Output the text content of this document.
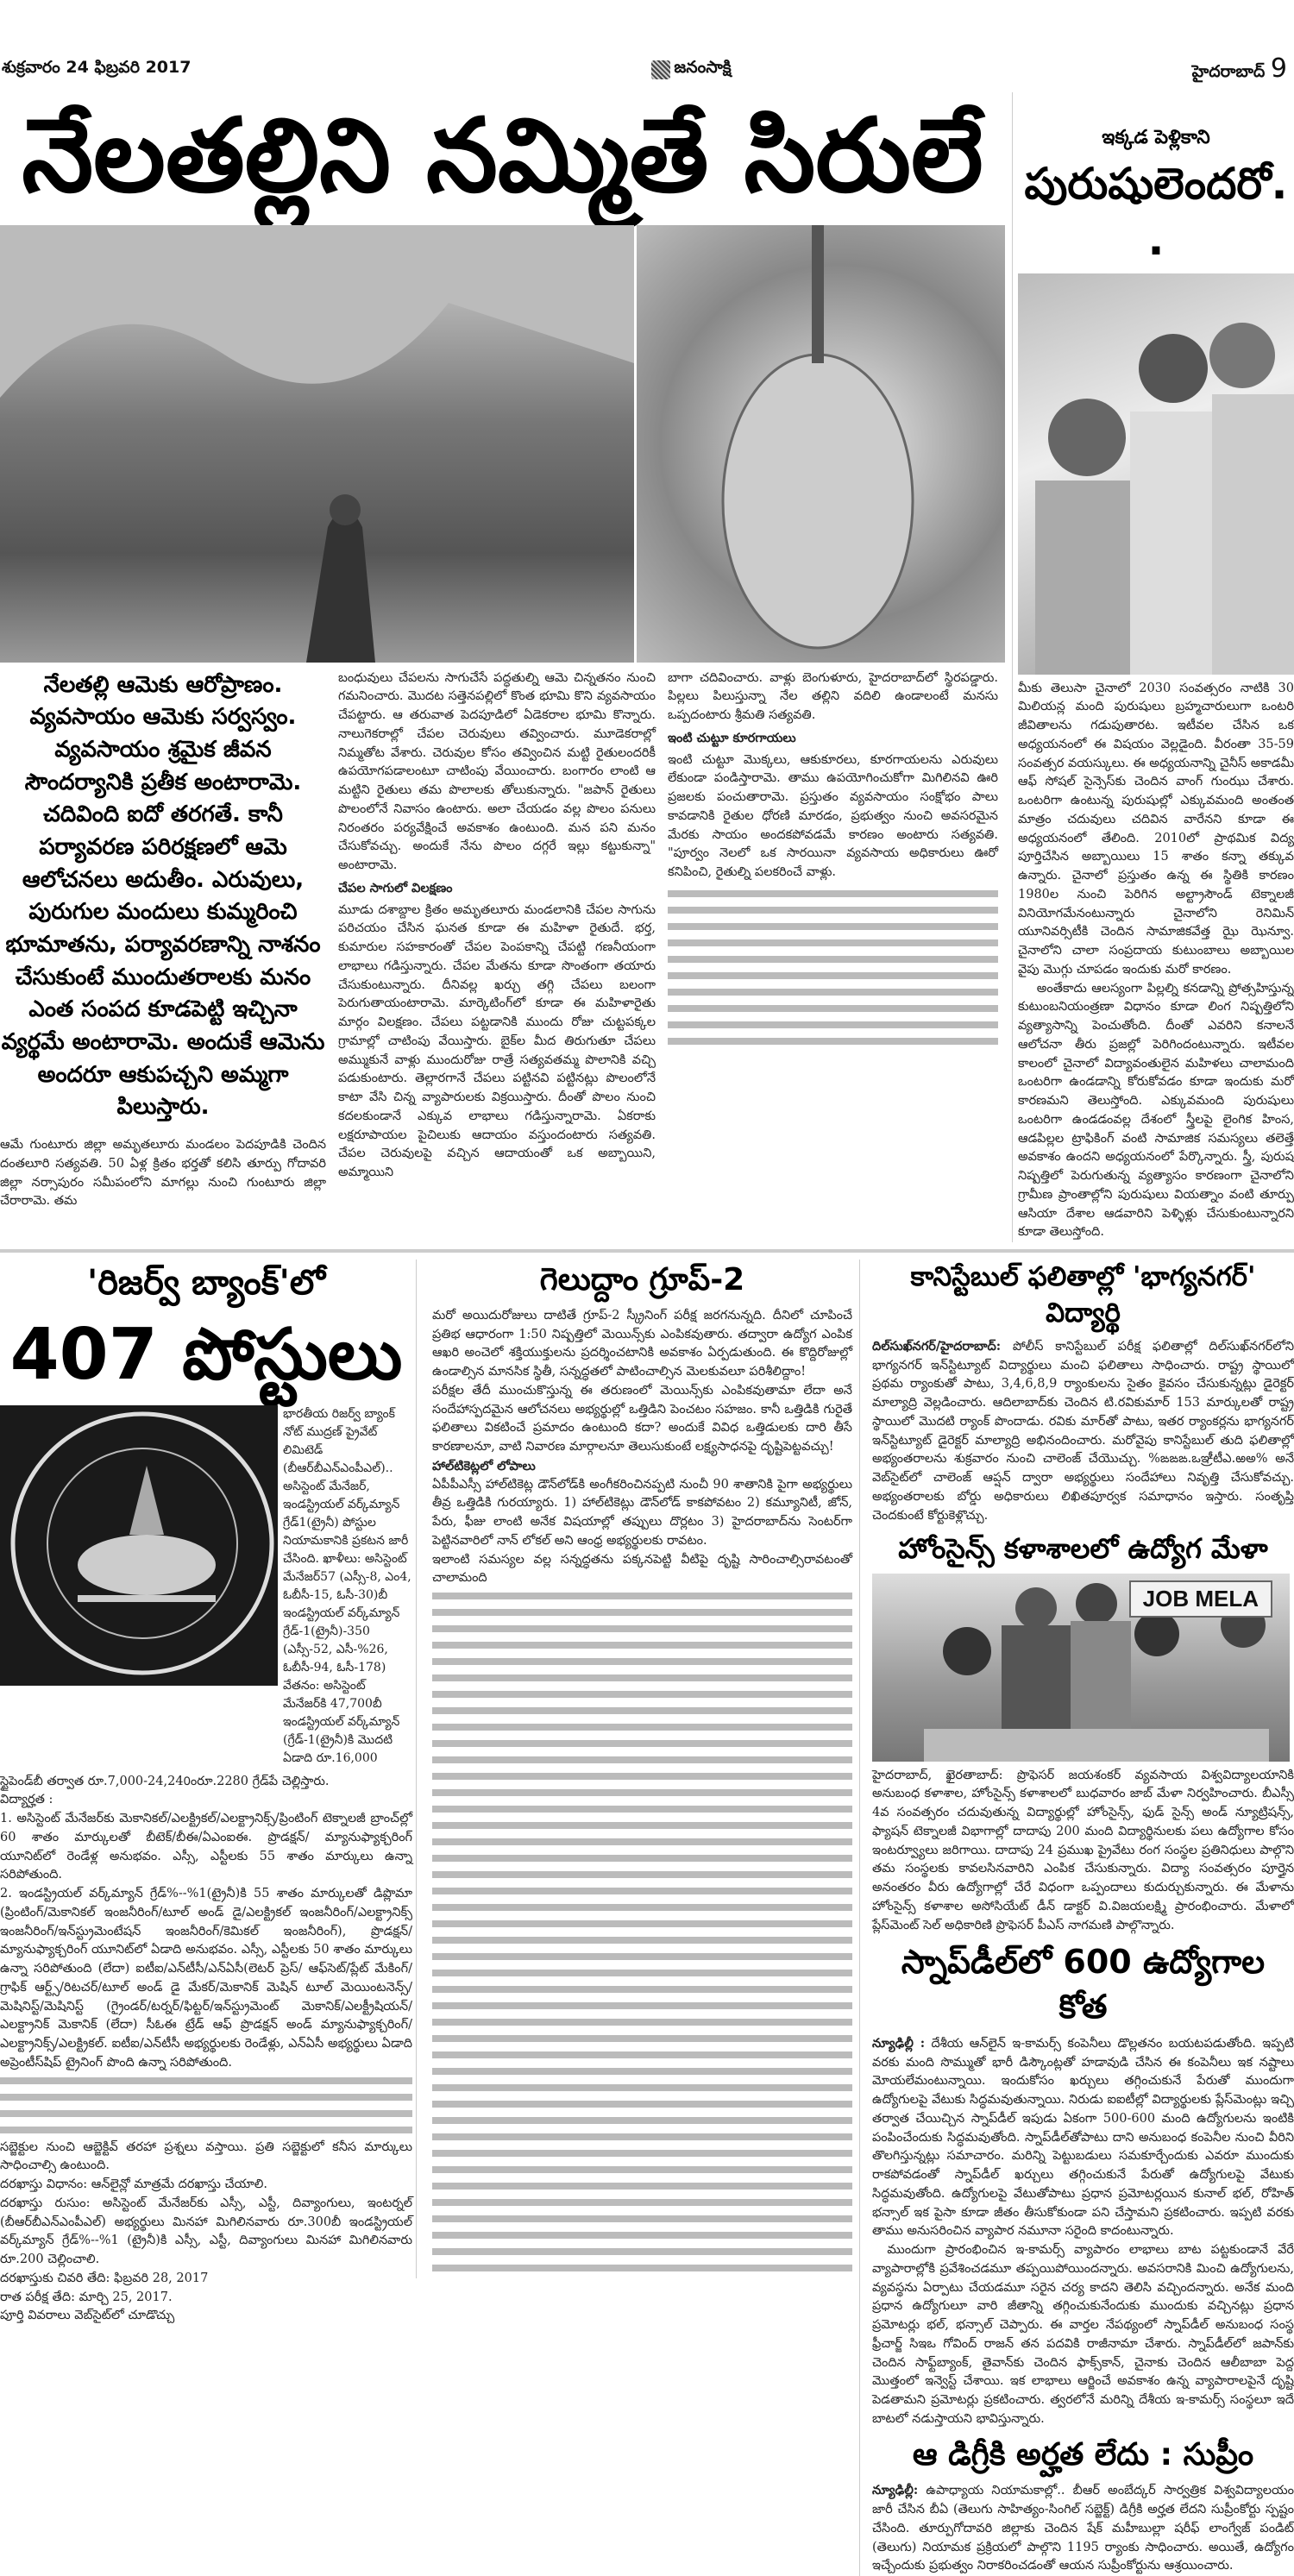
శుక్రవారం 24 ఫిబ్రవరి 2017	జనంసాక్షి	హైదరాబాద్ 9
నేలతల్లిని నమ్మితే సిరులే
నేలతల్లి ఆమెకు ఆరోప్రాణం. వ్యవసాయం ఆమెకు సర్వస్వం. వ్యవసాయం శ్రమైక జీవన సౌందర్యానికి ప్రతీక అంటారామె. చదివింది ఐదో తరగతే. కానీ పర్యావరణ పరిరక్షణలో ఆమె ఆలోచనలు అదుతీం. ఎరువులు, పురుగుల మందులు కుమ్మరించి భూమాతను, పర్యావరణాన్ని నాశనం చేసుకుంటే ముందుతరాలకు మనం ఎంత సంపద కూడపెట్టి ఇచ్చినా వ్యర్థమే అంటారామె. అందుకే ఆమెను అందరూ ఆకుపచ్చని అమ్మగా పిలుస్తారు.
ఆమే గుంటూరు జిల్లా అమృతలూరు మండలం పెదపూడికి చెందిన దంతలూరి సత్యవతి. 50 ఏళ్ల క్రితం భర్తతో కలిసి తూర్పు గోదావరి జిల్లా నర్సాపురం సమీపంలోని మాగల్లు నుంచి గుంటూరు జిల్లా చేరారామె. తమ

బంధువులు చేపలను సాగుచేసే పద్ధతుల్ని ఆమె చిన్నతనం నుంచి గమనించారు. మొదట సత్తెనపల్లిలో కొంత భూమి కొని వ్యవసాయం చేపట్టారు. ఆ తరువాత పెదపూడిలో ఏడెకరాల భూమి కొన్నారు. నాలుగెకరాల్లో చేపల చెరువులు తవ్వించారు. మూడెకరాల్లో నిమ్మతోట వేశారు. చెరువుల కోసం తవ్వించిన మట్టి రైతులందరికీ ఉపయోగపడాలంటూ చాటింపు వేయించారు. బంగారం లాంటి ఆ మట్టిని రైతులు తమ పొలాలకు తోలుకున్నారు. "జపాన్ రైతులు పొలంలోనే నివాసం ఉంటారు. అలా చేయడం వల్ల పొలం పనులు నిరంతరం పర్యవేక్షించే అవకాశం ఉంటుంది. మన పని మనం చేసుకోవచ్చు. అందుకే నేను పొలం దగ్గరే ఇల్లు కట్టుకున్నా" అంటారామె.

చేపల సాగులో విలక్షణం

మూడు దశాబ్దాల క్రితం అమృతలూరు మండలానికి చేపల సాగును పరిచయం చేసిన ఘనత కూడా ఈ మహిళా రైతుదే. భర్త, కుమారుల సహకారంతో చేపల పెంపకాన్ని చేపట్టి గణనీయంగా లాభాలు గడిస్తున్నారు. చేపల మేతను కూడా సొంతంగా తయారు చేసుకుంటున్నారు. దీనివల్ల ఖర్చు తగ్గి చేపలు బలంగా పెరుగుతాయంటారామె. మార్కెటింగ్‌లో కూడా ఈ మహిళారైతు మార్గం విలక్షణం. చేపలు పట్టడానికి ముందు రోజు చుట్టపక్కల గ్రామాల్లో చాటింపు వేయిస్తారు. బైక్‌ల మీద తిరుగుతూ చేపలు అమ్ముకునే వాళ్లు ముందురోజు రాత్రే సత్యవతమ్మ పొలానికి వచ్చి పడుకుంటారు. తెల్లారగానే చేపలు పట్టినవి పట్టినట్లు పొలంలోనే కాటా వేసి చిన్న వ్యాపారులకు విక్రయిస్తారు. దీంతో పొలం నుంచి కదలకుండానే ఎక్కువ లాభాలు గడిస్తున్నారామె. ఏకరాకు లక్షరూపాయల పైచిలుకు ఆదాయం వస్తుందంటారు సత్యవతి. చేపల చెరువులపై వచ్చిన ఆదాయంతో ఒక అబ్బాయిని, అమ్మాయిని

బాగా చదివించారు. వాళ్లు బెంగుళూరు, హైదరాబాద్‌లో స్థిరపడ్డారు. పిల్లలు పిలుస్తున్నా నేల తల్లిని వదిలి ఉండాలంటే మనసు ఒప్పదంటారు శ్రీమతి సత్యవతి.

ఇంటి చుట్టూ కూరగాయలు

ఇంటి చుట్టూ మొక్కలు, ఆకుకూరలు, కూరగాయలను ఎరువులు లేకుండా పండిస్తారామె. తాము ఉపయోగించుకోగా మిగిలినవి ఊరి ప్రజలకు పంచుతారామె. ప్రస్తుతం వ్యవసాయం సంక్షోభం పాలు కావడానికి రైతుల ధోరణి మారడం, ప్రభుత్వం నుంచి అవసరమైన మేరకు సాయం అందకపోవడమే కారణం అంటారు సత్యవతి. "పూర్వం నెలలో ఒక సారయినా వ్యవసాయ అధికారులు ఊరో కనిపించి, రైతుల్ని పలకరించే వాళ్లు.

ఇక్కడ పెళ్లికాని
పురుషులెందరో..

మీకు తెలుసా చైనాలో 2030 సంవత్సరం నాటికి 30 మిలియన్ల మంది పురుషులు బ్రహ్మచారులుగా ఒంటరి జీవితాలను గడుపుతారట. ఇటీవల చేసిన ఒక అధ్యయనంలో ఈ విషయం వెల్లడైంది. వీరంతా 35-59 సంవత్సర వయస్కులు. ఈ అధ్యయనాన్ని చైనీస్ అకాడమీ ఆఫ్ సోషల్ సైన్సెస్‌కు చెందిన వాంగ్ గుంఝు చేశారు. ఒంటరిగా ఉంటున్న పురుషుల్లో ఎక్కువమంది అంతంత మాత్రం చదువులు చదివిన వారేనని కూడా ఈ అధ్యయనంలో తేలింది. 2010లో ప్రాథమిక విద్య పూర్తిచేసిన అబ్బాయిలు 15 శాతం కన్నా తక్కువ ఉన్నారు. చైనాలో ప్రస్తుతం ఉన్న ఈ స్థితికి కారణం 1980ల నుంచి పెరిగిన అల్ట్రాసౌండ్ టెక్నాలజీ వినియోగమేనంటున్నారు చైనాలోని రెనిమిన్ యూనివర్సిటీకి చెందిన సామాజికవేత్త ఝై ఝెన్వూ. చైనాలోని చాలా సంప్రదాయ కుటుంబాలు అబ్బాయిల వైపు మొగ్గు చూపడం ఇందుకు మరో కారణం.

అంతేకాదు ఆలస్యంగా పిల్లల్ని కనడాన్ని ప్రోత్సహిస్తున్న కుటుంబనియంత్రణా విధానం కూడా లింగ నిష్పత్తిలోని వ్యత్యాసాన్ని పెంచుతోంది. దీంతో ఎవరిని కనాలనే ఆలోచనా తీరు ప్రజల్లో పెరిగిందంటున్నారు. ఇటీవల కాలంలో చైనాలో విద్యావంతులైన మహిళలు చాలామంది ఒంటరిగా ఉండడాన్ని కోరుకోవడం కూడా ఇందుకు మరో కారణమని తెలుస్తోంది. ఎక్కువమంది పురుషులు ఒంటరిగా ఉండడంవల్ల దేశంలో స్త్రీలపై లైంగిక హింస, ఆడపిల్లల ట్రాఫికింగ్ వంటి సామాజిక సమస్యలు తలెత్తే అవకాశం ఉందని అధ్యయనంలో పేర్కొన్నారు. స్త్రీ, పురుష నిష్పత్తిలో పెరుగుతున్న వ్యత్యాసం కారణంగా చైనాలోని గ్రామీణ ప్రాంతాల్లోని పురుషులు వియత్నాం వంటి తూర్పు ఆసియా దేశాల ఆడవారిని పెళ్ళిళ్లు చేసుకుంటున్నారని కూడా తెలుస్తోంది.

'రిజర్వ్ బ్యాంక్'లో
407 పోస్టులు
భారతీయ రిజర్వ్ బ్యాంక్ నోట్ ముద్రణ్ ప్రైవేట్ లిమిటెడ్ (బీఆర్‌బీఎన్‌ఎంపీఎల్).. అసిస్టెంట్ మేనేజర్, ఇండస్ట్రియల్ వర్క్‌మ్యాన్ గ్రేడ్1(ట్రైనీ) పోస్టుల నియామకానికి ప్రకటన జారీ చేసింది. ఖాళీలు: అసిస్టెంట్ మేనేజర్57 (ఎస్సీ-8, ఎం4, ఓబీసీ-15, ఓసీ-30)బీ ఇండస్ట్రియల్ వర్క్‌మ్యాన్ గ్రేడ్-1(ట్రైనీ)-350 (ఎస్సీ-52, ఎసీ-%26, ఓబీసీ-94, ఓసీ-178) వేతనం: అసిస్టెంట్ మేనేజర్‌కి 47,700బీ ఇండస్ట్రియల్ వర్క్‌మ్యాన్ (గ్రేడ్-1(ట్రైనీ)కి మొదటి ఏడాది రూ.16,000

స్టైపెండ్‌బీ తర్వాత రూ.7,000-24,240ంరూ.2280 గ్రేడ్‌పే చెల్లిస్తారు.

విద్యార్హత :

1. అసిస్టెంట్ మేనేజర్‌కు మెకానికల్/ఎలక్ట్రికల్/ఎలక్ట్రానిక్స్/ప్రింటింగ్ టెక్నాలజీ బ్రాంచ్‌ల్లో 60 శాతం మార్కులతో బీటెక్/బీఈ/ఏఎంఐఈ. ప్రొడక్షన్/ మ్యానుఫ్యాక్చరింగ్ యూనిట్‌లో రెండేళ్ల అనుభవం. ఎస్సీ, ఎస్టీలకు 55 శాతం మార్కులు ఉన్నా సరిపోతుంది.

2. ఇండస్ట్రియల్ వర్క్‌మ్యాన్ గ్రేడ్%--%1(ట్రైనీ)కి 55 శాతం మార్కులతో డిప్లొమా (ప్రింటింగ్/మెకానికల్ ఇంజనీరింగ్/టూల్ అండ్ డై/ఎలక్ట్రికల్ ఇంజనీరింగ్/ఎలక్ట్రానిక్స్ ఇంజనీరింగ్/ఇన్‌స్ట్రుమెంటేషన్ ఇంజనీరింగ్/కెమికల్ ఇంజనీరింగ్), ప్రొడక్షన్/మ్యానుఫ్యాక్చరింగ్ యూనిట్‌లో ఏడాది అనుభవం. ఎస్సీ, ఎస్టీలకు 50 శాతం మార్కులు ఉన్నా సరిపోతుంది (లేదా) ఐటీఐ/ఎన్‌టీసీ/ఎన్‌ఏసీ(లెటర్ ప్రెస్/ ఆఫ్‌సెట్/ప్లేట్ మేకింగ్/గ్రాఫిక్ ఆర్ట్స్/రిటచర్/టూల్ అండ్ డై మేకర్/మెకానిక్ మెషిన్ టూల్ మెయింటనెన్స్/మెషినిస్ట్/మెషినిస్ట్ (గ్రైండర్/టర్నర్/ఫిట్టర్/ఇన్‌స్ట్రుమెంట్ మెకానిక్/ఎలక్ట్రీషియన్/ఎలక్ట్రానిక్ మెకానిక్ (లేదా) సీఓఈ ట్రేడ్ ఆఫ్ ప్రొడక్షన్ అండ్ మ్యానుఫ్యాక్చరింగ్/ఎలక్ట్రానిక్స్/ఎలక్ట్రికల్. ఐటీఐ/ఎన్‌టీసీ అభ్యర్థులకు రెండేళ్లు, ఎన్‌ఏసీ అభ్యర్థులు ఏడాది అప్రెంటీస్‌షిప్ ట్రైనింగ్ పొంది ఉన్నా సరిపోతుంది.

సబ్జెక్టుల నుంచి ఆబ్జెక్టివ్ తరహా ప్రశ్నలు వస్తాయి. ప్రతి సబ్జెక్టులో కనీస మార్కులు సాధించాల్సి ఉంటుంది.

దరఖాస్తు విధానం: ఆన్‌లైన్లో మాత్రమే దరఖాస్తు చేయాలి.

దరఖాస్తు రుసుం: అసిస్టెంట్ మేనేజర్‌కు ఎస్సీ, ఎస్టీ, దివ్యాంగులు, ఇంటర్నల్ (బీఆర్‌బీఎన్‌ఎంపీఎల్) అభ్యర్థులు మినహా మిగిలినవారు రూ.300బీ ఇండస్ట్రియల్ వర్క్‌మ్యాన్ గ్రేడ్%--%1 (ట్రైనీ)కి ఎస్సీ, ఎస్టీ, దివ్యాంగులు మినహా మిగిలినవారు రూ.200 చెల్లించాలి.

దరఖాస్తుకు చివరి తేది: ఫిబ్రవరి 28, 2017

రాత పరీక్ష తేది: మార్చి 25, 2017.

పూర్తి వివరాలు వెబ్‌సైట్‌లో చూడొచ్చు

గెలుద్దాం గ్రూప్-2

మరో అయిదురోజులు దాటితే గ్రూప్-2 స్క్రీనింగ్ పరీక్ష జరగనున్నది. దీనిలో చూపించే ప్రతిభ ఆధారంగా 1:50 నిష్పత్తిలో మెయిన్స్‌కు ఎంపికవుతారు. తద్వారా ఉద్యోగ ఎంపిక ఆఖరి అంచెలో శక్తియుక్తులను ప్రదర్శించటానికి అవకాశం ఏర్పడుతుంది. ఈ కొద్దిరోజుల్లో ఉండాల్సిన మానసిక స్థితీ, సన్నద్ధతలో పాటించాల్సిన మెలకువలూ పరిశీలిద్దాం!

పరీక్షల తేదీ ముంచుకొస్తున్న ఈ తరుణంలో మెయిన్స్‌కు ఎంపికవుతామా లేదా అనే సందేహాస్పదమైన ఆలోచనలు అభ్యర్థుల్లో ఒత్తిడిని పెంచటం సహజం. కానీ ఒత్తిడికి గురైతే ఫలితాలు వికటించే ప్రమాదం ఉంటుంది కదా? అందుకే వివిధ ఒత్తిడులకు దారి తీసే కారణాలనూ, వాటి నివారణ మార్గాలనూ తెలుసుకుంటే లక్ష్యసాధనపై దృష్టిపెట్టవచ్చు!

హాల్‌టికెట్లలో లోపాలు

ఏపీపీఎస్సీ హాల్‌టికెట్ల డౌన్‌లోడ్‌కి అంగీకరించినప్పటి నుంచీ 90 శాతానికి పైగా అభ్యర్థులు తీవ్ర ఒత్తిడికి గురయ్యారు. 1) హాల్‌టికెట్లు డౌన్‌లోడ్ కాకపోవటం 2) కమ్యూనిటీ, జోన్, పేరు, ఫీజు లాంటి అనేక విషయాల్లో తప్పులు దొర్లటం 3) హైదరాబాద్‌ను సెంటర్‌గా పెట్టినవారిలో నాన్ లోకల్ అని ఆంధ్ర అభ్యర్థులకు రావటం.

ఇలాంటి సమస్యల వల్ల సన్నద్ధతను పక్కనపెట్టి వీటిపై దృష్టి సారించాల్సిరావటంతో చాలామంది

కానిస్టేబుల్ ఫలితాల్లో 'భాగ్యనగర్' విద్యార్థి
దిల్‌సుఖ్‌నగర్/హైదరాబాద్: పోలీస్ కానిస్టేబుల్ పరీక్ష ఫలితాల్లో దిల్‌సుఖ్‌నగర్‌లోని భాగ్యనగర్ ఇన్‌స్టిట్యూట్ విద్యార్థులు మంచి ఫలితాలు సాధించారు. రాష్ట్ర స్థాయిలో ప్రథమ ర్యాంకుతో పాటు, 3,4,6,8,9 ర్యాంకులను సైతం కైవసం చేసుకున్నట్లు డైరెక్టర్ మాల్యాద్రి వెల్లడించారు. ఆదిలాబాద్‌కు చెందిన టి.రవికుమార్ 153 మార్కులతో రాష్ట్ర స్థాయిలో మొదటి ర్యాంక్ పొందాడు. రవికు మార్‌తో పాటు, ఇతర ర్యాంకర్లను భాగ్యనగర్ ఇన్‌స్టిట్యూట్ డైరెక్టర్ మాల్యాద్రి అభినందించారు. మరోవైపు కానిస్టేబుల్ తుది ఫలితాల్లో అభ్యంతరాలను శుక్రవారం నుంచి చాలెంజ్ చేయొచ్చు. %ఙఙఙ.ఒఞ్రీటీఎ.ఱఅ% అనే వెబ్‌సైట్‌లో చాలెంజ్ ఆప్షన్ ద్వారా అభ్యర్థులు సందేహాలు నివృత్తి చేసుకోవచ్చు. అభ్యంతరాలకు బోర్డు అధికారులు లిఖితపూర్వక సమాధానం ఇస్తారు. సంతృప్తి చెందకుంటే కోర్టుకెళ్లొచ్చు.
హోంసైన్స్ కళాశాలలో ఉద్యోగ మేళా
JOB MELA
హైదరాబాద్, ఖైరతాబాద్: ప్రొఫెసర్ జయశంకర్ వ్యవసాయ విశ్వవిద్యాలయానికి అనుబంధ కళాశాల, హోంసైన్స్ కళాశాలలో బుధవారం జాబ్ మేళా నిర్వహించారు. బీఎస్సీ 4వ సంవత్సరం చదువుతున్న విద్యార్థుల్లో హోంసైన్స్, ఫుడ్ సైన్స్ అండ్ న్యూట్రిషన్స్, ఫ్యాషన్ టెక్నాలజీ విభాగాల్లో దాదాపు 200 మంది విద్యార్థినులకు పలు ఉద్యోగాల కోసం ఇంటర్వ్యూలు జరిగాయి. దాదాపు 24 ప్రముఖ ప్రైవేటు రంగ సంస్థల ప్రతినిధులు పాల్గొని తమ సంస్థలకు కావలసినవారిని ఎంపిక చేసుకున్నారు. విద్యా సంవత్సరం పూర్తైన అనంతరం వీరు ఉద్యోగాల్లో చేరే విధంగా ఒప్పందాలు కుదుర్చుకున్నారు. ఈ మేళాను హోంసైన్స్ కళాశాల అసోసియేట్ డీన్ డాక్టర్ వి.విజయలక్ష్మి ప్రారంభించారు. మేళాలో ప్లేస్‌మెంట్ సెల్ అధికారిణి ప్రొఫెసర్ పీఎస్ నాగమణి పాల్గొన్నారు.
స్నాప్‌డీల్‌లో 600 ఉద్యోగాల కోత

న్యూఢిల్లీ : దేశీయ ఆన్‌లైన్ ఇ-కామర్స్ కంపెనీలు డొల్లతనం బయటపడుతోంది. ఇప్పటి వరకు మంది సొమ్ముతో భారీ డిస్కౌంట్లతో హడావుడి చేసిన ఈ కంపెనీలు ఇక నష్టాలు మోయలేమంటున్నాయి. ఇందుకోసం ఖర్చులు తగ్గించుకునే పేరుతో ముందుగా ఉద్యోగులపై వేటుకు సిద్ధమవుతున్నాయి. నిరుడు ఐఐటీల్లో విద్యార్థులకు ప్లేస్‌మెంట్లు ఇచ్చి తర్వాత చేయిచ్చిన స్నాప్‌డీల్ ఇపుడు ఏకంగా 500-600 మంది ఉద్యోగులను ఇంటికి పంపించేందుకు సిద్ధమవుతోంది. స్నాప్‌డీల్‌తోపాటు దాని అనుబంధ కంపెనీల నుంచి వీరిని తొలగిస్తున్నట్లు సమాచారం. మరిన్ని పెట్టుబడులు సమకూర్చేందుకు ఎవరూ ముందుకు రాకపోవడంతో స్నాప్‌డీల్ ఖర్చులు తగ్గించుకునే పేరుతో ఉద్యోగులపై వేటుకు సిద్ధమవుతోంది. ఉద్యోగులపై వేటుతోపాటు ప్రధాన ప్రమోటర్లయిన కునాల్ భల్, రోహిత్ భన్సాల్ ఇక పైసా కూడా జీతం తీసుకోకుండా పని చేస్తామని ప్రకటించారు. ఇప్పటి వరకు తాము అనుసరించిన వ్యాపార నమూనా సరైంది కాదంటున్నారు.

ముందుగా ప్రారంభించిన ఇ-కామర్స్ వ్యాపారం లాభాలు బాట పట్టకుండానే వేరే వ్యాపారాల్లోకి ప్రవేశించడమూ తప్పయిపోయిందన్నారు. అవసరానికి మించి ఉద్యోగులను, వ్యవస్థను ఏర్పాటు చేయడమూ సరైన చర్య కాదని తెలిసి వచ్చిందన్నారు. అనేక మంది ప్రధాన ఉద్యోగులూ వారి జీతాన్ని తగ్గించుకునేందుకు ముందుకు వచ్చినట్లు ప్రధాన ప్రమోటర్లు భల్, భన్సాల్ చెప్పారు. ఈ వార్తల నేపథ్యంలో స్నాప్‌డీల్ అనుబంధ సంస్థ ఫ్రీచార్జ్ సిఇఒ గోవింద్ రాజన్ తన పదవికి రాజీనామా చేశారు. స్నాప్‌డీల్‌లో జపాన్‌కు చెందిన సాఫ్ట్‌బ్యాంక్, తైవాన్‌కు చెందిన ఫాక్స్‌కాన్, చైనాకు చెందిన ఆలీబాబా పెద్ద మొత్తంలో ఇన్వెస్ట్ చేశాయి. ఇక లాభాలు ఆర్జించే అవకాశం ఉన్న వ్యాపారాలపైనే దృష్టి పెడతామని ప్రమోటర్లు ప్రకటించారు. త్వరలోనే మరిన్ని దేశీయ ఇ-కామర్స్ సంస్థలూ ఇదే బాటలో నడుస్తాయని భావిస్తున్నారు.

ఆ డిగ్రీకి అర్హత లేదు : సుప్రీం
న్యూఢిల్లీ: ఉపాధ్యాయ నియామకాల్లో.. బీఆర్ అంబేద్కర్ సార్వత్రిక విశ్వవిద్యాలయం జారీ చేసిన బీఏ (తెలుగు సాహిత్యం-సింగిల్ సబ్జెక్ట్) డిగ్రీకి అర్హత లేదని సుప్రీంకోర్టు స్పష్టం చేసింది. తూర్పుగోదావరి జిల్లాకు చెందిన షేక్ మహీబుల్లా షరీఫ్ లాంగ్వేజ్ పండిట్ (తెలుగు) నియామక ప్రక్రియలో పాల్గొని 1195 ర్యాంకు సాధించారు. అయితే, ఉద్యోగం ఇచ్చేందుకు ప్రభుత్వం నిరాకరించడంతో ఆయన సుప్రీంకోర్టును ఆశ్రయించారు.
